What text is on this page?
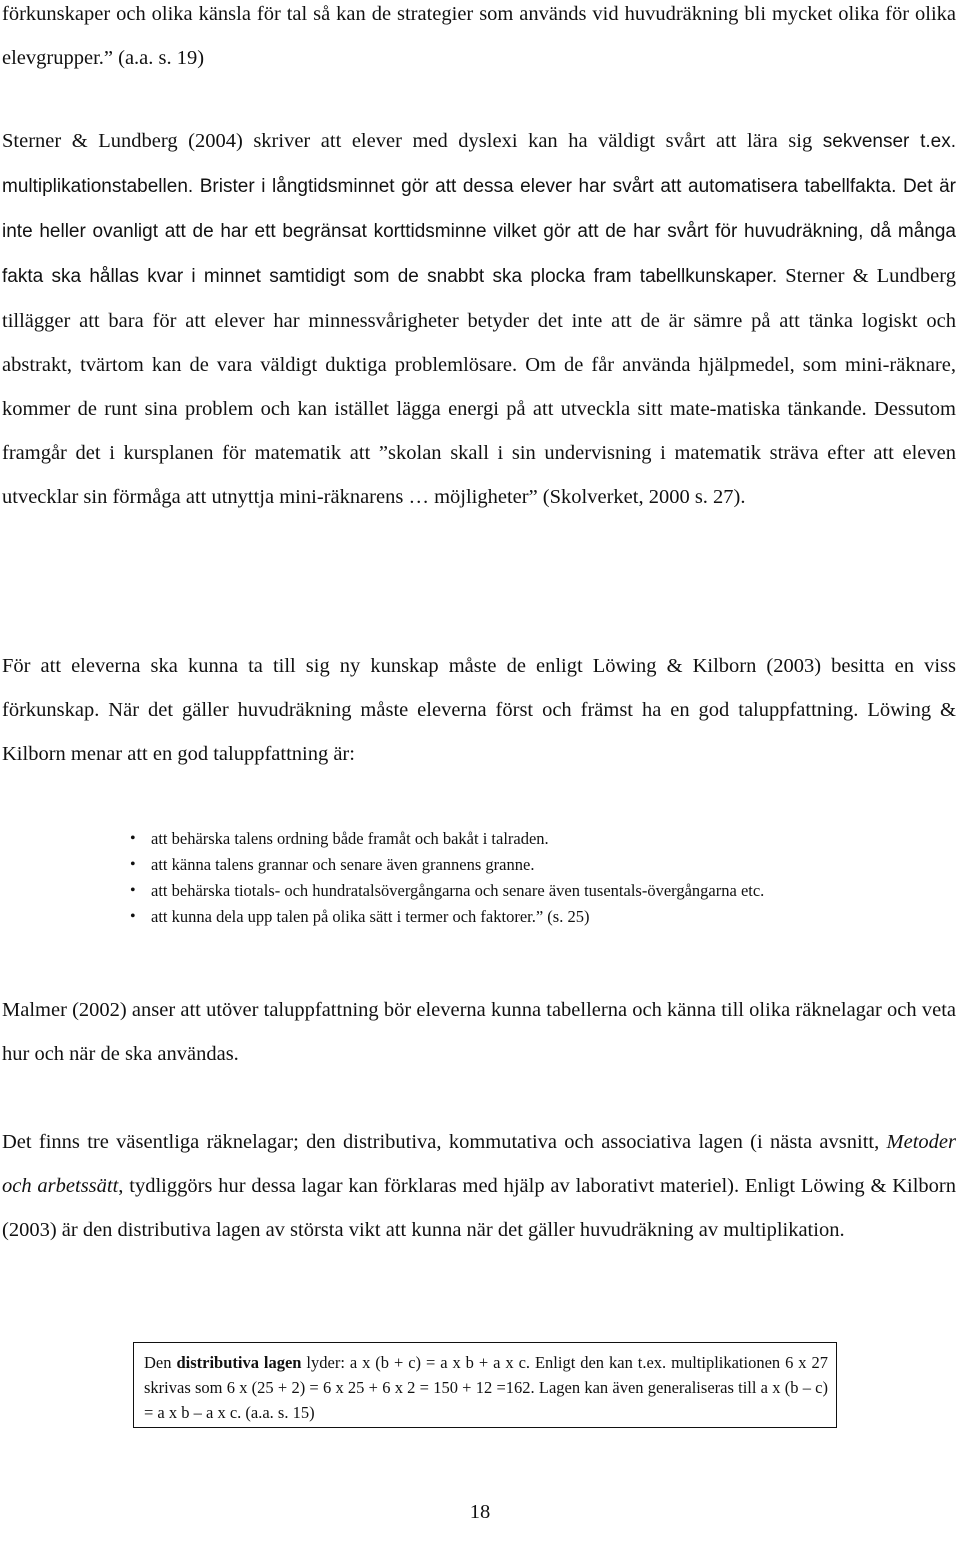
förkunskaper och olika känsla för tal så kan de strategier som används vid huvudräkning bli mycket olika för olika elevgrupper.” (a.a. s. 19)

Sterner & Lundberg (2004) skriver att elever med dyslexi kan ha väldigt svårt att lära sig sekvenser t.ex. multiplikationstabellen. Brister i långtidsminnet gör att dessa elever har svårt att automatisera tabellfakta. Det är inte heller ovanligt att de har ett begränsat korttidsminne vilket gör att de har svårt för huvudräkning, då många fakta ska hållas kvar i minnet samtidigt som de snabbt ska plocka fram tabellkunskaper. Sterner & Lundberg tillägger att bara för att elever har minnessvårigheter betyder det inte att de är sämre på att tänka logiskt och abstrakt, tvärtom kan de vara väldigt duktiga problemlösare. Om de får använda hjälpmedel, som mini-räknare, kommer de runt sina problem och kan istället lägga energi på att utveckla sitt mate-matiska tänkande. Dessutom framgår det i kursplanen för matematik att ”skolan skall i sin undervisning i matematik sträva efter att eleven utvecklar sin förmåga att utnyttja mini-räknarens … möjligheter” (Skolverket, 2000 s. 27).

För att eleverna ska kunna ta till sig ny kunskap måste de enligt Löwing & Kilborn (2003) besitta en viss förkunskap. När det gäller huvudräkning måste eleverna först och främst ha en god taluppfattning. Löwing & Kilborn menar att en god taluppfattning är:

• att behärska talens ordning både framåt och bakåt i talraden.
• att känna talens grannar och senare även grannens granne.
• att behärska tiotals- och hundratalsövergångarna och senare även tusentals-övergångarna etc.
• att kunna dela upp talen på olika sätt i termer och faktorer.” (s. 25)

Malmer (2002) anser att utöver taluppfattning bör eleverna kunna tabellerna och känna till olika räknelagar och veta hur och när de ska användas.

Det finns tre väsentliga räknelagar; den distributiva, kommutativa och associativa lagen (i nästa avsnitt, Metoder och arbetssätt, tydliggörs hur dessa lagar kan förklaras med hjälp av laborativt materiel). Enligt Löwing & Kilborn (2003) är den distributiva lagen av största vikt att kunna när det gäller huvudräkning av multiplikation.

Den distributiva lagen lyder: a x (b + c) = a x b + a x c. Enligt den kan t.ex. multiplikationen 6 x 27 skrivas som 6 x (25 + 2) = 6 x 25 + 6 x 2 = 150 + 12 =162. Lagen kan även generaliseras till a x (b – c) = a x b – a x c. (a.a. s. 15)
18
